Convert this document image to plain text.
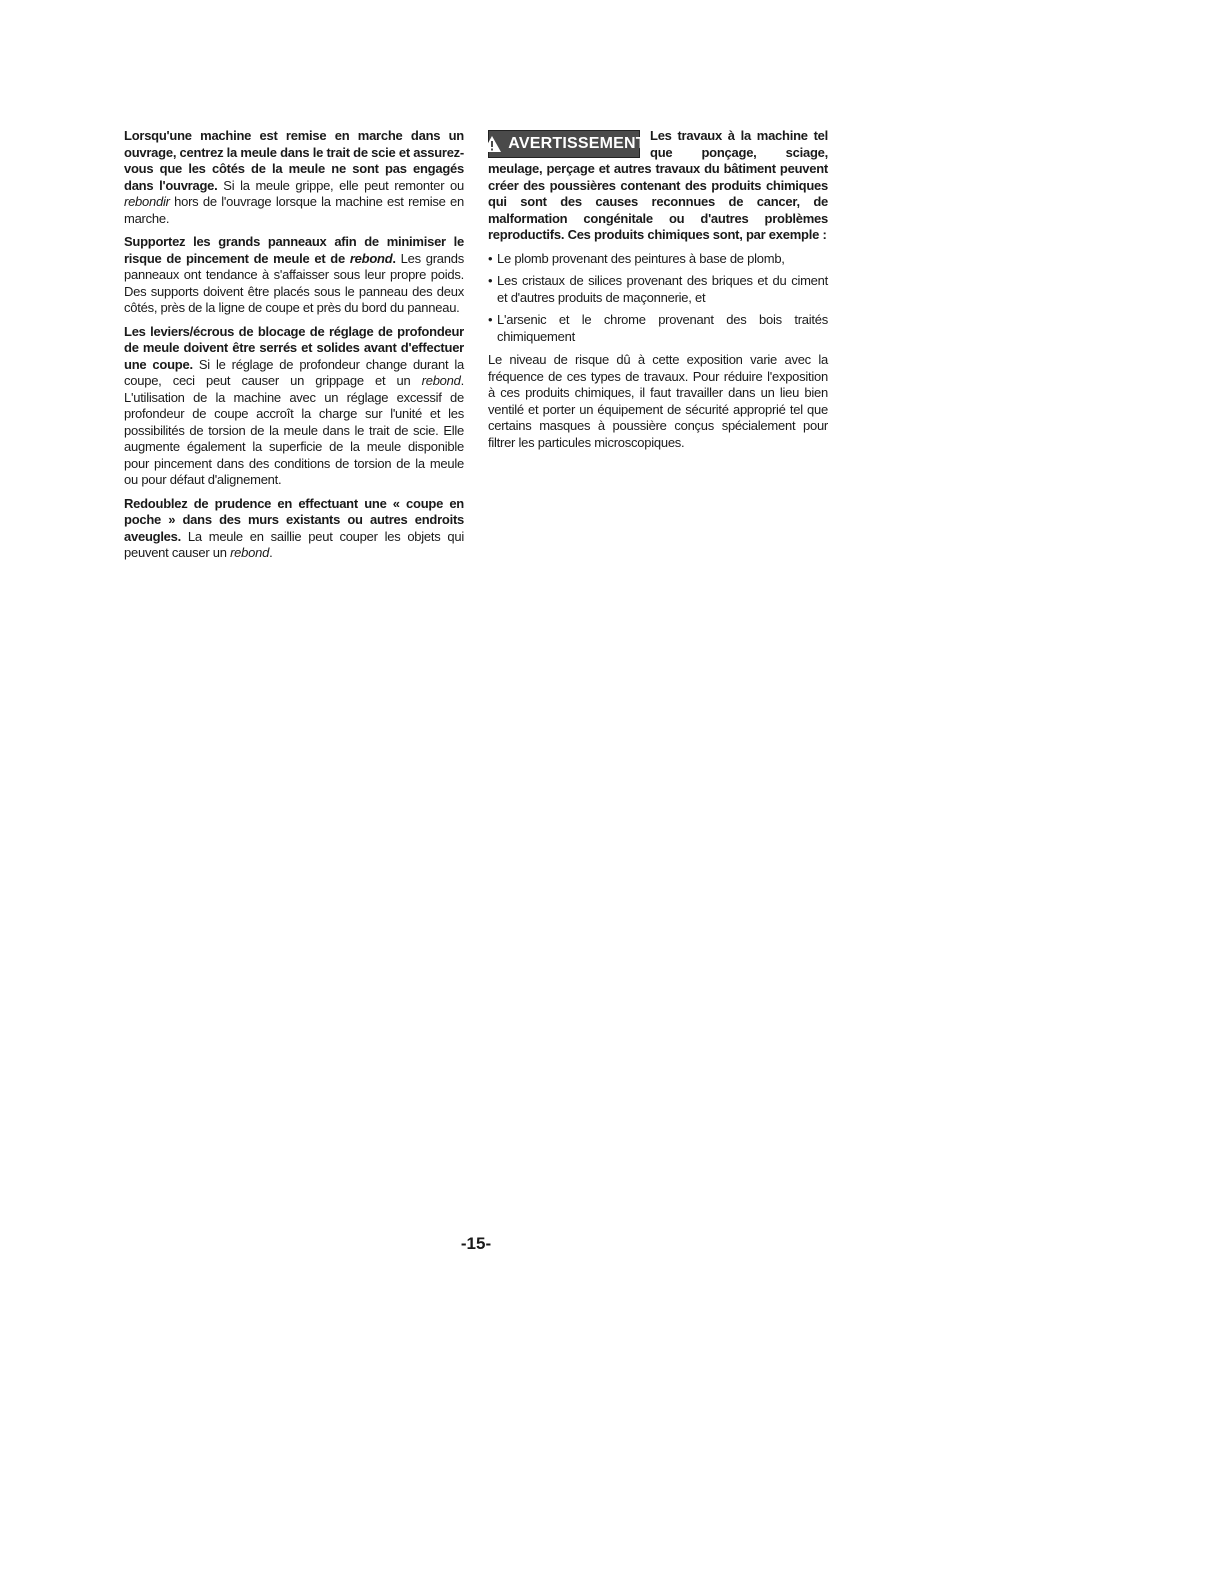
Lorsqu'une machine est remise en marche dans un ouvrage, centrez la meule dans le trait de scie et assurez-vous que les côtés de la meule ne sont pas engagés dans l'ouvrage. Si la meule grippe, elle peut remonter ou rebondir hors de l'ouvrage lorsque la machine est remise en marche.

Supportez les grands panneaux afin de minimiser le risque de pincement de meule et de rebond. Les grands panneaux ont tendance à s'affaisser sous leur propre poids. Des supports doivent être placés sous le panneau des deux côtés, près de la ligne de coupe et près du bord du panneau.

Les leviers/écrous de blocage de réglage de profondeur de meule doivent être serrés et solides avant d'effectuer une coupe. Si le réglage de profondeur change durant la coupe, ceci peut causer un grippage et un rebond. L'utilisation de la machine avec un réglage excessif de profondeur de coupe accroît la charge sur l'unité et les possibilités de torsion de la meule dans le trait de scie. Elle augmente également la superficie de la meule disponible pour pincement dans des conditions de torsion de la meule ou pour défaut d'alignement.

Redoublez de prudence en effectuant une « coupe en poche » dans des murs existants ou autres endroits aveugles. La meule en saillie peut couper les objets qui peuvent causer un rebond.

AVERTISSEMENT Les travaux à la machine tel que ponçage, sciage, meulage, perçage et autres travaux du bâtiment peuvent créer des poussières contenant des produits chimiques qui sont des causes reconnues de cancer, de malformation congénitale ou d'autres problèmes reproductifs. Ces produits chimiques sont, par exemple :

• Le plomb provenant des peintures à base de plomb,
• Les cristaux de silices provenant des briques et du ciment et d'autres produits de maçonnerie, et
• L'arsenic et le chrome provenant des bois traités chimiquement

Le niveau de risque dû à cette exposition varie avec la fréquence de ces types de travaux. Pour réduire l'exposition à ces produits chimiques, il faut travailler dans un lieu bien ventilé et porter un équipement de sécurité approprié tel que certains masques à poussière conçus spécialement pour filtrer les particules microscopiques.

-15-
